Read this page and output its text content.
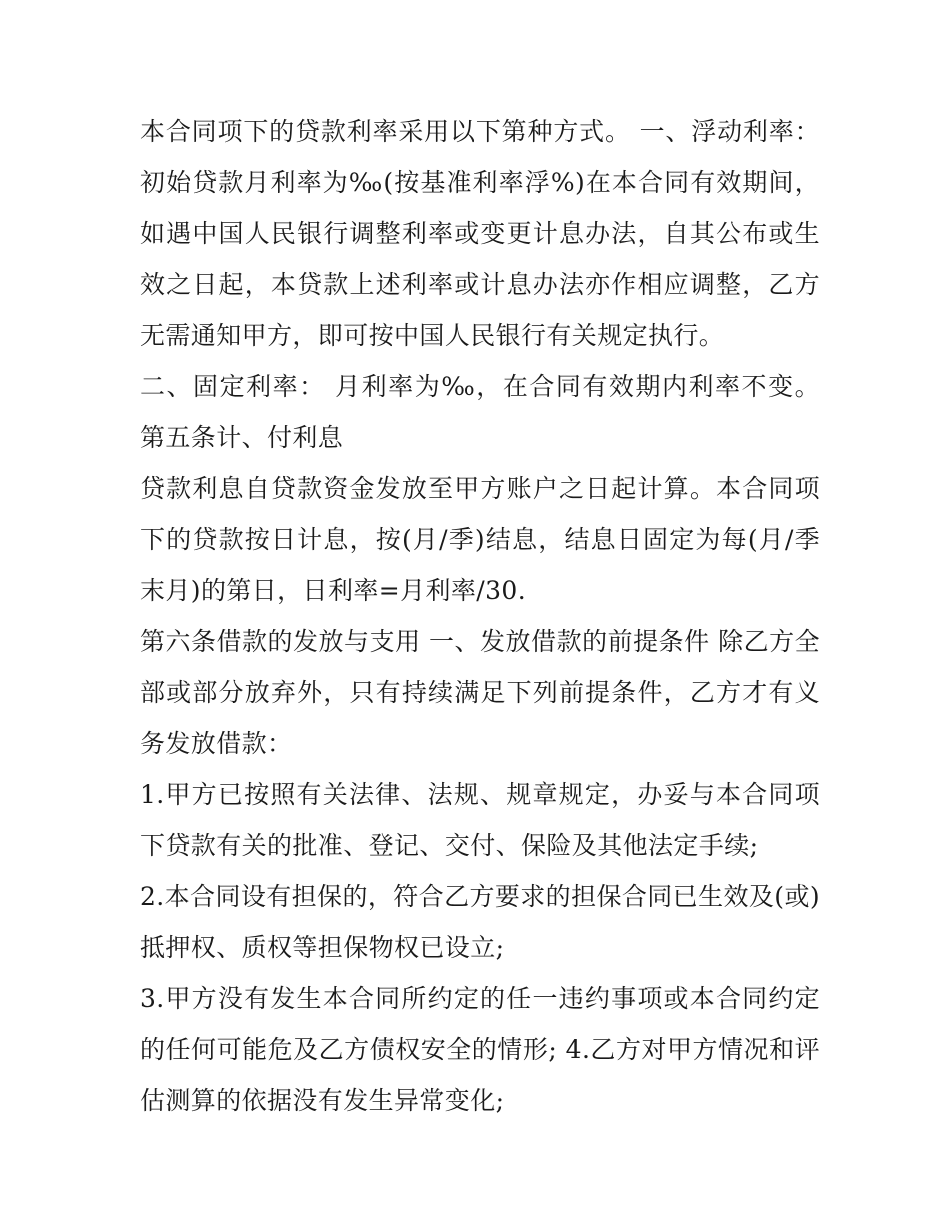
本合同项下的贷款利率采用以下第种方式。 一、浮动利率：初始贷款月利率为‰(按基准利率浮%)在本合同有效期间，如遇中国人民银行调整利率或变更计息办法，自其公布或生效之日起，本贷款上述利率或计息办法亦作相应调整，乙方无需通知甲方，即可按中国人民银行有关规定执行。

二、固定利率： 月利率为‰，在合同有效期内利率不变。 第五条计、付利息

贷款利息自贷款资金发放至甲方账户之日起计算。本合同项下的贷款按日计息，按(月/季)结息，结息日固定为每(月/季末月)的第日，日利率=月利率/30.

第六条借款的发放与支用 一、发放借款的前提条件 除乙方全部或部分放弃外，只有持续满足下列前提条件，乙方才有义务发放借款：

1.甲方已按照有关法律、法规、规章规定，办妥与本合同项下贷款有关的批准、登记、交付、保险及其他法定手续;

2.本合同设有担保的，符合乙方要求的担保合同已生效及(或)抵押权、质权等担保物权已设立;

3.甲方没有发生本合同所约定的任一违约事项或本合同约定的任何可能危及乙方债权安全的情形; 4.乙方对甲方情况和评估测算的依据没有发生异常变化;
